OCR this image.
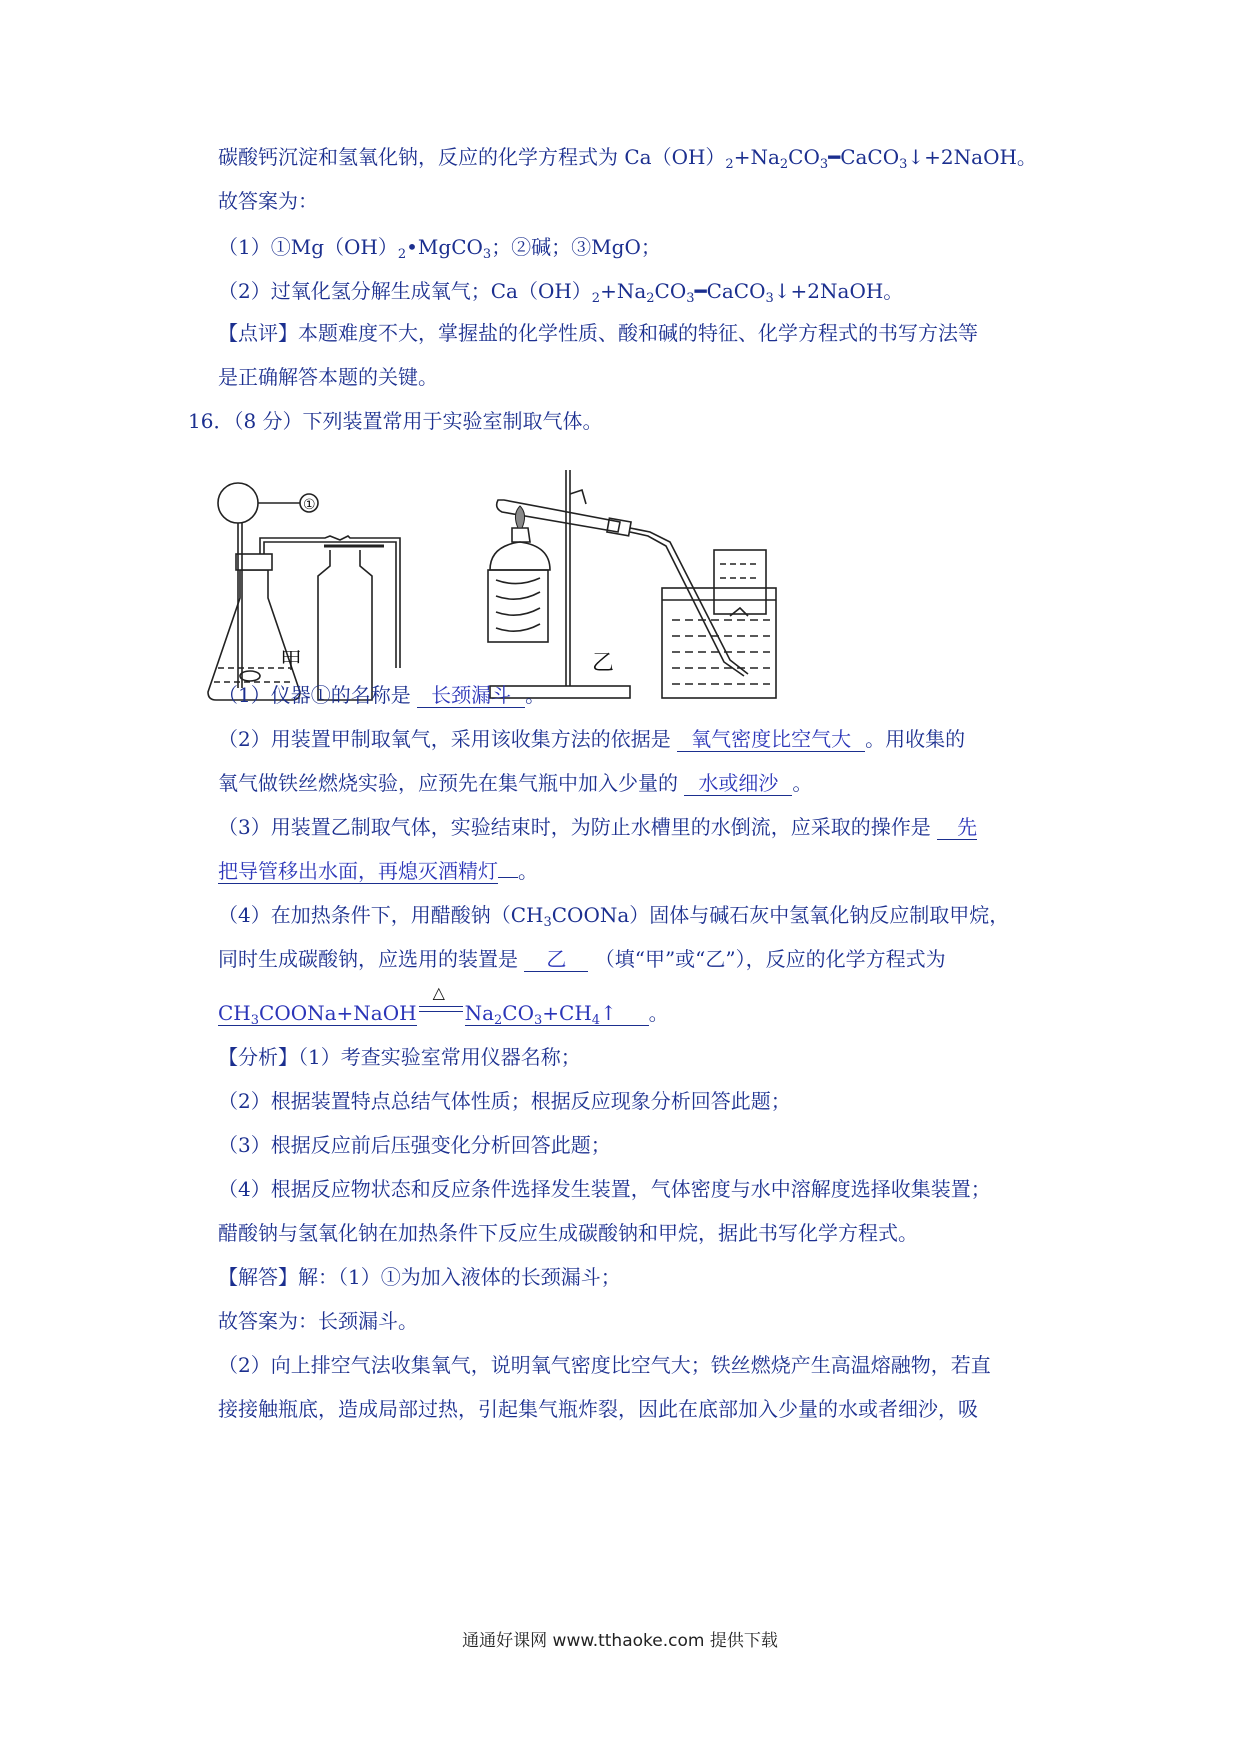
碳酸钙沉淀和氢氧化钠，反应的化学方程式为 $Ca(OH)_2+Na_2CO_3━CaCO_3↓+2NaOH$。
故答案为：
$(1)①Mg(OH)_2•MgCO_3$；②碱；③MgO；
（2）过氧化氢分解生成氧气；$Ca(OH)_2+Na_2CO_3━CaCO_3↓+2NaOH$。
【点评】本题难度不大，掌握盐的化学性质、酸和碱的特征、化学方程式的书写方法等
是正确解答本题的关键。
16．（8 分）下列装置常用于实验室制取气体。
①
甲	乙
（1）仪器①的名称是 长颈漏斗 。
（2）用装置甲制取氧气，采用该收集方法的依据是 氧气密度比空气大 。用收集的
氧气做铁丝燃烧实验，应预先在集气瓶中加入少量的 水或细沙 。
（3）用装置乙制取气体，实验结束时，为防止水槽里的水倒流，应采取的操作是 先
把导管移出水面，再熄灭酒精灯 。
（4）在加热条件下，用醋酸钠$(CH_3COONa)$固体与碱石灰中氢氧化钠反应制取甲烷，
同时生成碳酸钠，应选用的装置是 乙 （填“甲”或“乙”），反应的化学方程式为
$CH_3COONa+NaOH$
△
$Na_2CO_3+CH_4↑$ 。
【分析】（1）考查实验室常用仪器名称；
（2）根据装置特点总结气体性质；根据反应现象分析回答此题；
（3）根据反应前后压强变化分析回答此题；
（4）根据反应物状态和反应条件选择发生装置，气体密度与水中溶解度选择收集装置；
醋酸钠与氢氧化钠在加热条件下反应生成碳酸钠和甲烷，据此书写化学方程式。
【解答】解：（1）①为加入液体的长颈漏斗；
故答案为：长颈漏斗。
（2）向上排空气法收集氧气，说明氧气密度比空气大；铁丝燃烧产生高温熔融物，若直
接接触瓶底，造成局部过热，引起集气瓶炸裂，因此在底部加入少量的水或者细沙，吸
通通好课网 www.tthaoke.com 提供下载
